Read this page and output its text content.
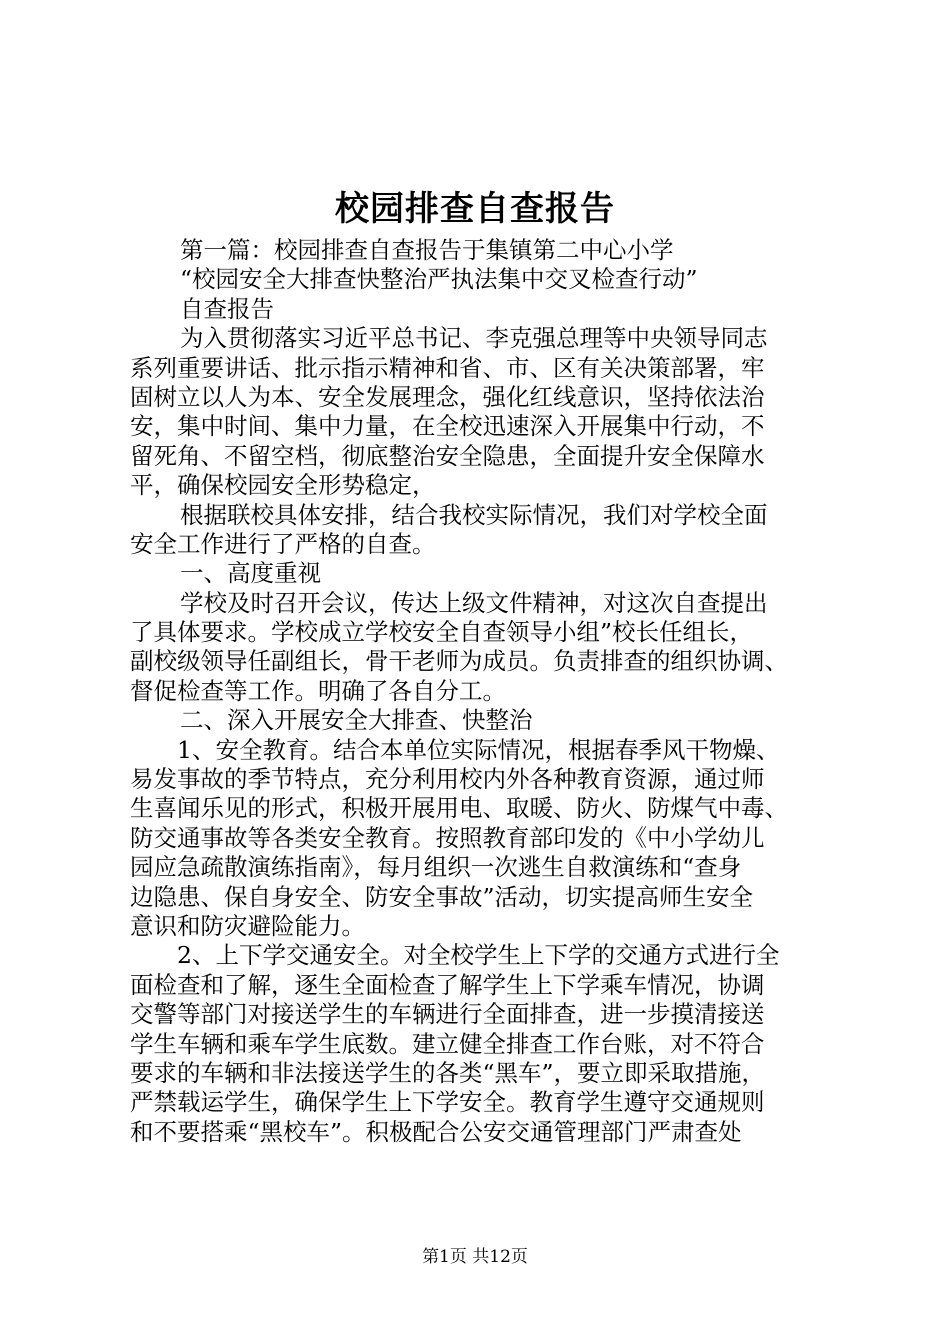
校园排查自查报告
第一篇：校园排查自查报告于集镇第二中心小学
“校园安全大排查快整治严执法集中交叉检查行动”
自查报告
为入贯彻落实习近平总书记、李克强总理等中央领导同志
系列重要讲话、批示指示精神和省、市、区有关决策部署，牢
固树立以人为本、安全发展理念，强化红线意识，坚持依法治
安，集中时间、集中力量，在全校迅速深入开展集中行动，不
留死角、不留空档，彻底整治安全隐患，全面提升安全保障水
平，确保校园安全形势稳定，
根据联校具体安排，结合我校实际情况，我们对学校全面
安全工作进行了严格的自查。
一、高度重视
学校及时召开会议，传达上级文件精神，对这次自查提出
了具体要求。学校成立学校安全自查领导小组”校长任组长，
副校级领导任副组长，骨干老师为成员。负责排查的组织协调、
督促检查等工作。明确了各自分工。
二、深入开展安全大排查、快整治
1、安全教育。结合本单位实际情况，根据春季风干物燥、
易发事故的季节特点，充分利用校内外各种教育资源，通过师
生喜闻乐见的形式，积极开展用电、取暖、防火、防煤气中毒、
防交通事故等各类安全教育。按照教育部印发的《中小学幼儿
园应急疏散演练指南》，每月组织一次逃生自救演练和“查身
边隐患、保自身安全、防安全事故”活动，切实提高师生安全
意识和防灾避险能力。
2、上下学交通安全。对全校学生上下学的交通方式进行全
面检查和了解，逐生全面检查了解学生上下学乘车情况，协调
交警等部门对接送学生的车辆进行全面排查，进一步摸清接送
学生车辆和乘车学生底数。建立健全排查工作台账，对不符合
要求的车辆和非法接送学生的各类“黑车”，要立即采取措施，
严禁载运学生，确保学生上下学安全。教育学生遵守交通规则
和不要搭乘“黑校车”。积极配合公安交通管理部门严肃查处
第1页 共12页
